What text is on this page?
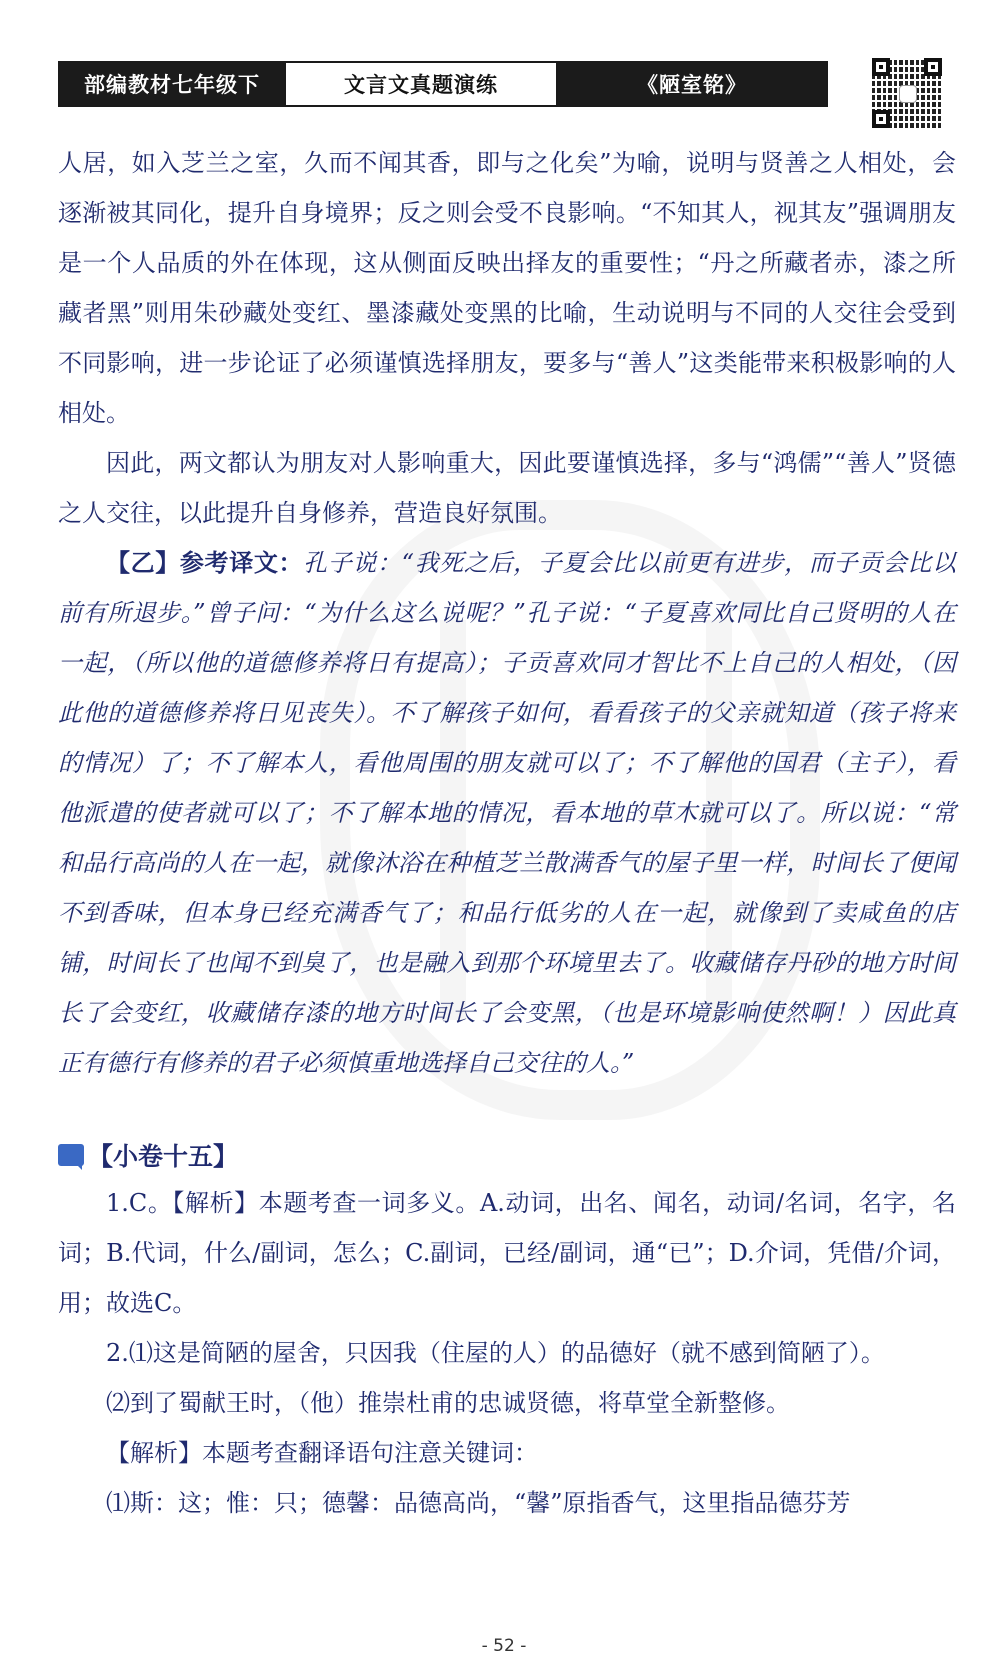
部编教材七年级下	文言文真题演练	《陋室铭》

人居，如入芝兰之室，久而不闻其香，即与之化矣”为喻，说明与贤善之人相处，会逐渐被其同化，提升自身境界；反之则会受不良影响。“不知其人，视其友”强调朋友是一个人品质的外在体现，这从侧面反映出择友的重要性；“丹之所藏者赤，漆之所藏者黑”则用朱砂藏处变红、墨漆藏处变黑的比喻，生动说明与不同的人交往会受到不同影响，进一步论证了必须谨慎选择朋友，要多与“善人”这类能带来积极影响的人相处。

因此，两文都认为朋友对人影响重大，因此要谨慎选择，多与“鸿儒”“善人”贤德之人交往，以此提升自身修养，营造良好氛围。

【乙】参考译文：孔子说：“我死之后，子夏会比以前更有进步，而子贡会比以前有所退步。”曾子问：“为什么这么说呢？”孔子说：“子夏喜欢同比自己贤明的人在一起，（所以他的道德修养将日有提高）；子贡喜欢同才智比不上自己的人相处，（因此他的道德修养将日见丧失）。不了解孩子如何，看看孩子的父亲就知道（孩子将来的情况）了；不了解本人，看他周围的朋友就可以了；不了解他的国君（主子），看他派遣的使者就可以了；不了解本地的情况，看本地的草木就可以了。所以说：“常和品行高尚的人在一起，就像沐浴在种植芝兰散满香气的屋子里一样，时间长了便闻不到香味，但本身已经充满香气了；和品行低劣的人在一起，就像到了卖咸鱼的店铺，时间长了也闻不到臭了，也是融入到那个环境里去了。收藏储存丹砂的地方时间长了会变红，收藏储存漆的地方时间长了会变黑，（也是环境影响使然啊！）因此真正有德行有修养的君子必须慎重地选择自己交往的人。”

【小卷十五】

1.C。【解析】本题考查一词多义。A.动词，出名、闻名，动词/名词，名字，名词；B.代词，什么/副词，怎么；C.副词，已经/副词，通“已”；D.介词，凭借/介词，用；故选C。

2.⑴这是简陋的屋舍，只因我（住屋的人）的品德好（就不感到简陋了）。

⑵到了蜀献王时，（他）推崇杜甫的忠诚贤德，将草堂全新整修。

【解析】本题考查翻译语句注意关键词：

⑴斯：这；惟：只；德馨：品德高尚，“馨”原指香气，这里指品德芬芳

- 52 -
